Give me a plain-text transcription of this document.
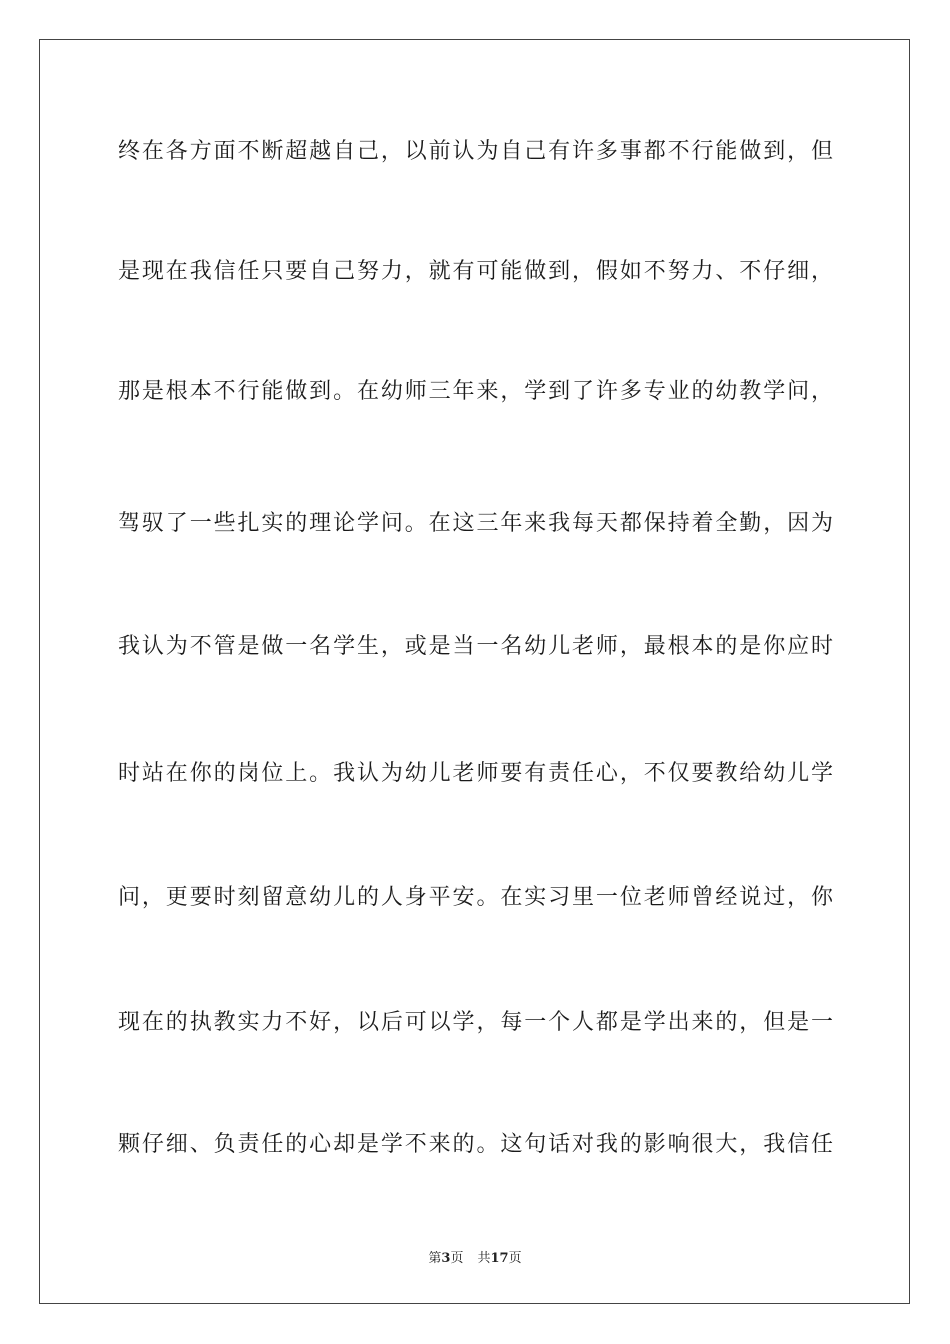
终在各方面不断超越自己，以前认为自己有许多事都不行能做到，但
是现在我信任只要自己努力，就有可能做到，假如不努力、不仔细，
那是根本不行能做到。在幼师三年来，学到了许多专业的幼教学问，
驾驭了一些扎实的理论学问。在这三年来我每天都保持着全勤，因为
我认为不管是做一名学生，或是当一名幼儿老师，最根本的是你应时
时站在你的岗位上。我认为幼儿老师要有责任心，不仅要教给幼儿学
问，更要时刻留意幼儿的人身平安。在实习里一位老师曾经说过，你
现在的执教实力不好，以后可以学，每一个人都是学出来的，但是一
颗仔细、负责任的心却是学不来的。这句话对我的影响很大，我信任
第3页 共17页
